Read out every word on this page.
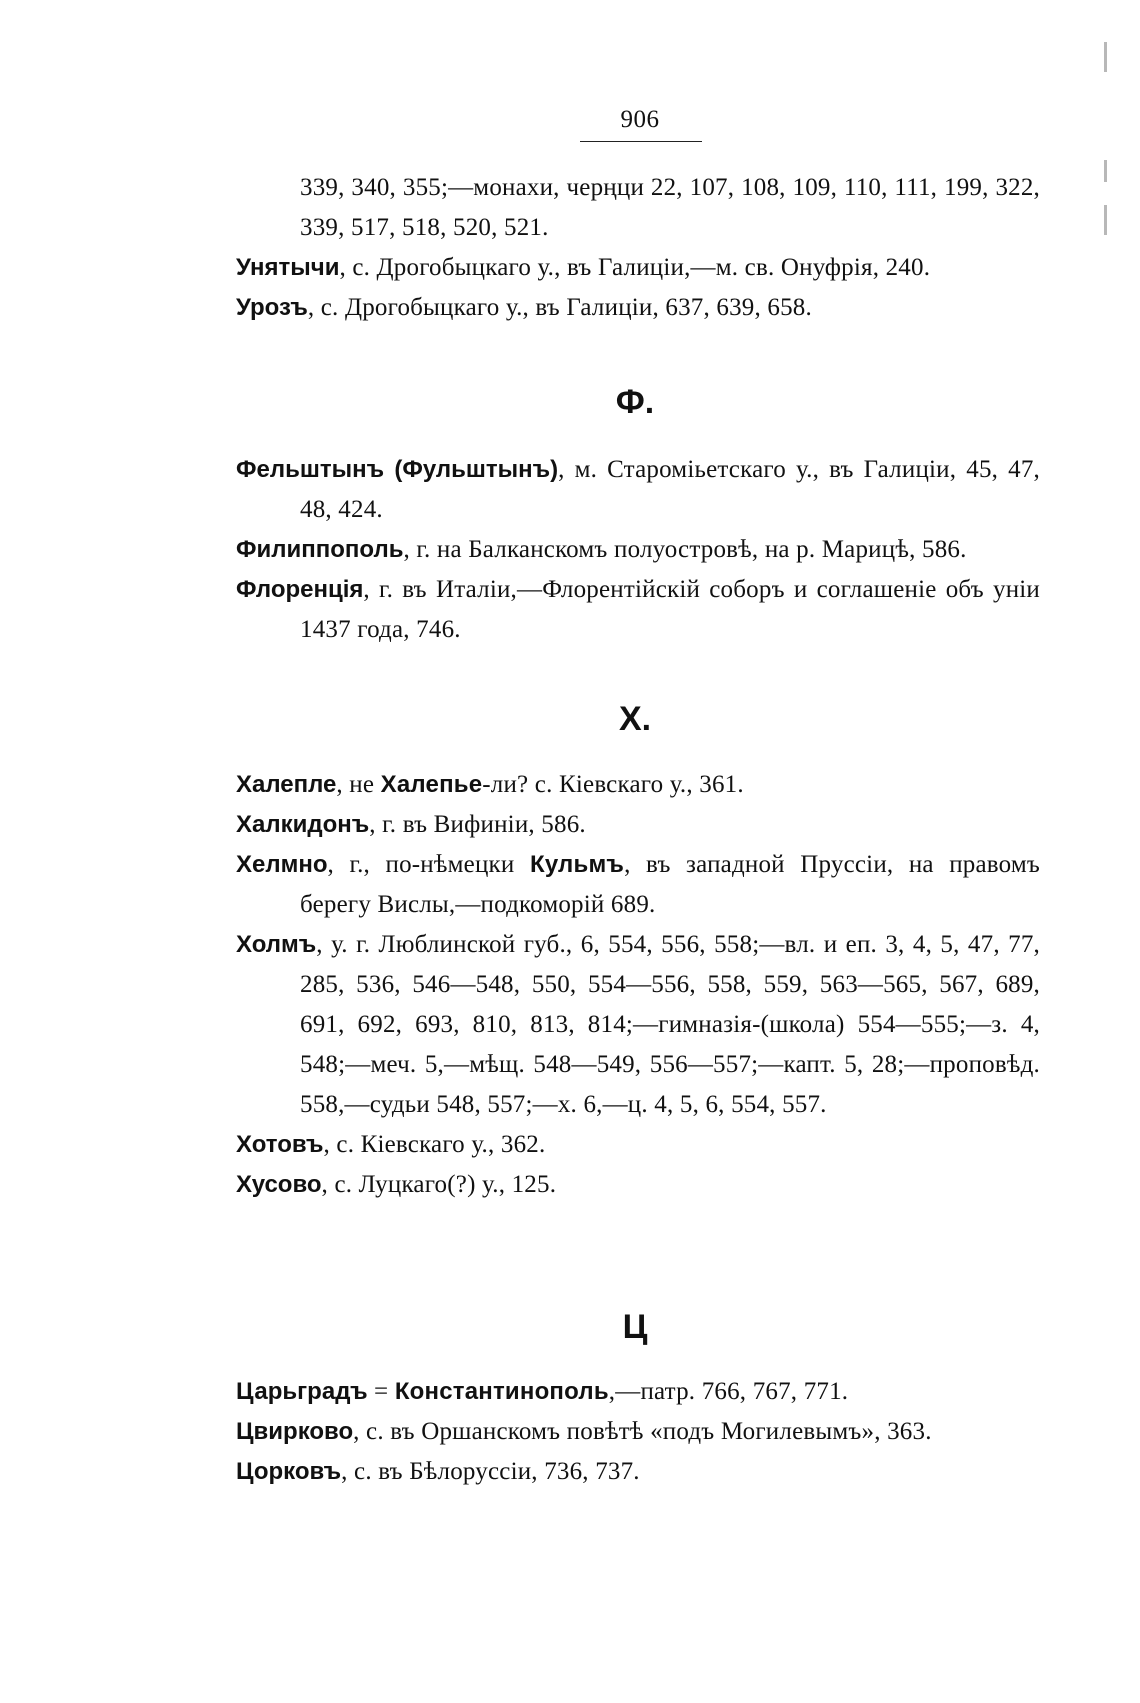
906

339, 340, 355;—монахи, черңци 22, 107, 108, 109, 110, 111, 199, 322, 339, 517, 518, 520, 521.

Унятычи, с. Дрогобыцкаго у., въ Галиціи,—м. св. Онуфрія, 240.

Урозъ, с. Дрогобыцкаго у., въ Галиціи, 637, 639, 658.

Ф.

Фельштынъ (Фульштынъ), м. Староміьетскаго у., въ Галиціи, 45, 47, 48, 424.

Филиппополь, г. на Балканскомъ полуостровѣ, на р. Марицѣ, 586.

Флоренція, г. въ Италіи,—Флорентійскій соборъ и соглашеніе объ уніи 1437 года, 746.

Х.

Халепле, не Халепье-ли? с. Кіевскаго у., 361.

Халкидонъ, г. въ Вифиніи, 586.

Хелмно, г., по-нѣмецки Кульмъ, въ западной Пруссіи, на правомъ берегу Вислы,—подкоморій 689.

Холмъ, у. г. Люблинской губ., 6, 554, 556, 558;—вл. и еп. 3, 4, 5, 47, 77, 285, 536, 546—548, 550, 554—556, 558, 559, 563—565, 567, 689, 691, 692, 693, 810, 813, 814;—гимназія-(школа) 554—555;—з. 4, 548;—меч. 5,—мѣщ. 548—549, 556—557;—капт. 5, 28;—проповѣд. 558,—судьи 548, 557;—х. 6,—ц. 4, 5, 6, 554, 557.

Хотовъ, с. Кіевскаго у., 362.

Хусово, с. Луцкаго(?) у., 125.

Ц

Царьградъ = Константинополь,—патр. 766, 767, 771.

Цвирково, с. въ Оршанскомъ повѣтѣ «подъ Могилевымъ», 363.

Цорковъ, с. въ Бѣлоруссіи, 736, 737.
